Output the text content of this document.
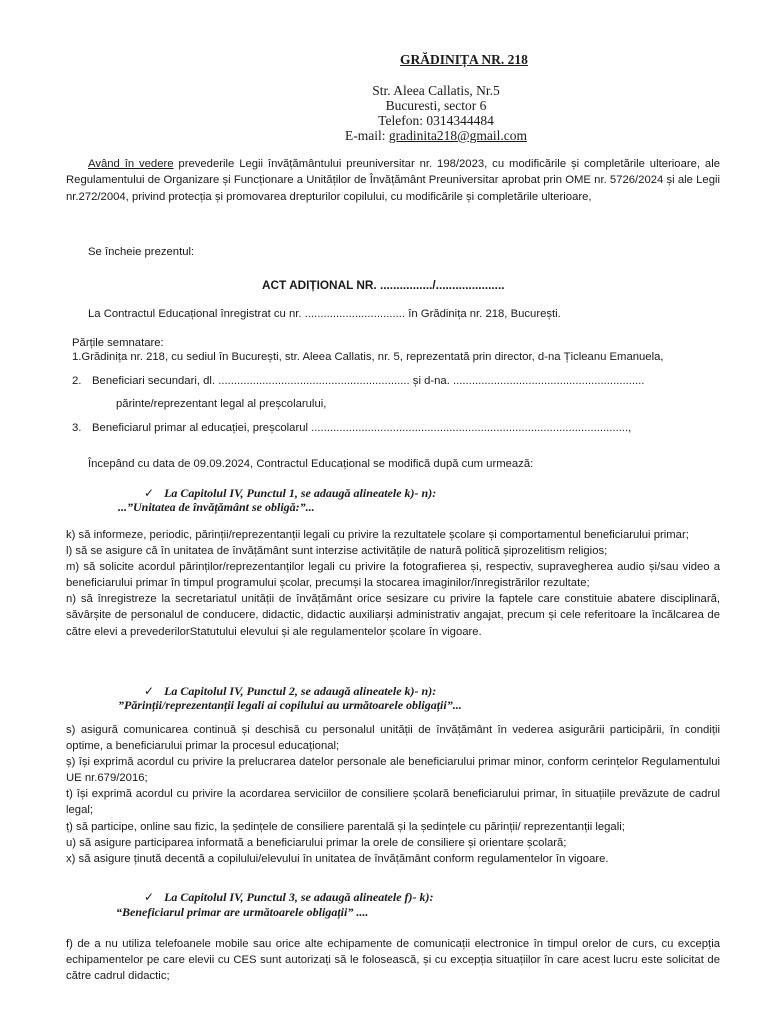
GRĂDINIȚA NR. 218
Str. Aleea Callatis, Nr.5
Bucuresti, sector 6
Telefon: 0314344484
E-mail: gradinita218@gmail.com
Având în vedere prevederile Legii învățământului preuniversitar nr. 198/2023, cu modificările și completările ulterioare, ale Regulamentului de Organizare și Funcționare a Unităților de Învățământ Preuniversitar aprobat prin OME nr. 5726/2024 și ale Legii nr.272/2004, privind protecția și promovarea drepturilor copilului, cu modificările și completările ulterioare,
Se încheie prezentul:
ACT ADIȚIONAL NR. ................/.....................
La Contractul Educațional înregistrat cu nr. ................................ în Grădinița nr. 218, București.
Părțile semnatare:
1.Grădinița nr. 218, cu sediul în București, str. Aleea Callatis, nr. 5, reprezentată prin director, d-na Țicleanu Emanuela,
2. Beneficiari secundari, dl. ............................................................. și d-na. .............................................................
părinte/reprezentant legal al preșcolarului,
3. Beneficiarul primar al educației, preșcolarul .....................................................................................................,
Începând cu data de 09.09.2024, Contractul Educațional se modifică după cum urmează:
✓ La Capitolul IV, Punctul 1, se adaugă alineatele k)- n):
...”Unitatea de învățământ se obligă:”...
k) să informeze, periodic, părinții/reprezentanții legali cu privire la rezultatele școlare și comportamentul beneficiarului primar;
l) să se asigure că în unitatea de învățământ sunt interzise activitățile de natură politică șiprozelitism religios;
m) să solicite acordul părinților/reprezentanților legali cu privire la fotografierea și, respectiv, supravegherea audio și/sau video a beneficiarului primar în timpul programului școlar, precumși la stocarea imaginilor/înregistrărilor rezultate;
n) să înregistreze la secretariatul unității de învățământ orice sesizare cu privire la faptele care constituie abatere disciplinară, săvârșite de personalul de conducere, didactic, didactic auxiliarși administrativ angajat, precum și cele referitoare la încălcarea de către elevi a prevederilorStatutului elevului și ale regulamentelor școlare în vigoare.
✓ La Capitolul IV, Punctul 2, se adaugă alineatele k)- n):
”Părinții/reprezentanții legali ai copilului au următoarele obligații”...
s) asigură comunicarea continuă și deschisă cu personalul unității de învățământ în vederea asigurării participării, în condiții optime, a beneficiarului primar la procesul educațional;
ș) își exprimă acordul cu privire la prelucrarea datelor personale ale beneficiarului primar minor, conform cerințelor Regulamentului UE nr.679/2016;
t) își exprimă acordul cu privire la acordarea serviciilor de consiliere școlară beneficiarului primar, în situațiile prevăzute de cadrul legal;
ț) să participe, online sau fizic, la ședințele de consiliere parentală și la ședințele cu părinții/ reprezentanții legali;
u) să asigure participarea informată a beneficiarului primar la orele de consiliere și orientare școlară;
x) să asigure ținută decentă a copilului/elevului în unitatea de învățământ conform regulamentelor în vigoare.
✓ La Capitolul IV, Punctul 3, se adaugă alineatele f)- k):
“Beneficiarul primar are următoarele obligații” ....
f) de a nu utiliza telefoanele mobile sau orice alte echipamente de comunicații electronice în timpul orelor de curs, cu excepția echipamentelor pe care elevii cu CES sunt autorizați să le folosească, și cu excepția situațiilor în care acest lucru este solicitat de către cadrul didactic;
